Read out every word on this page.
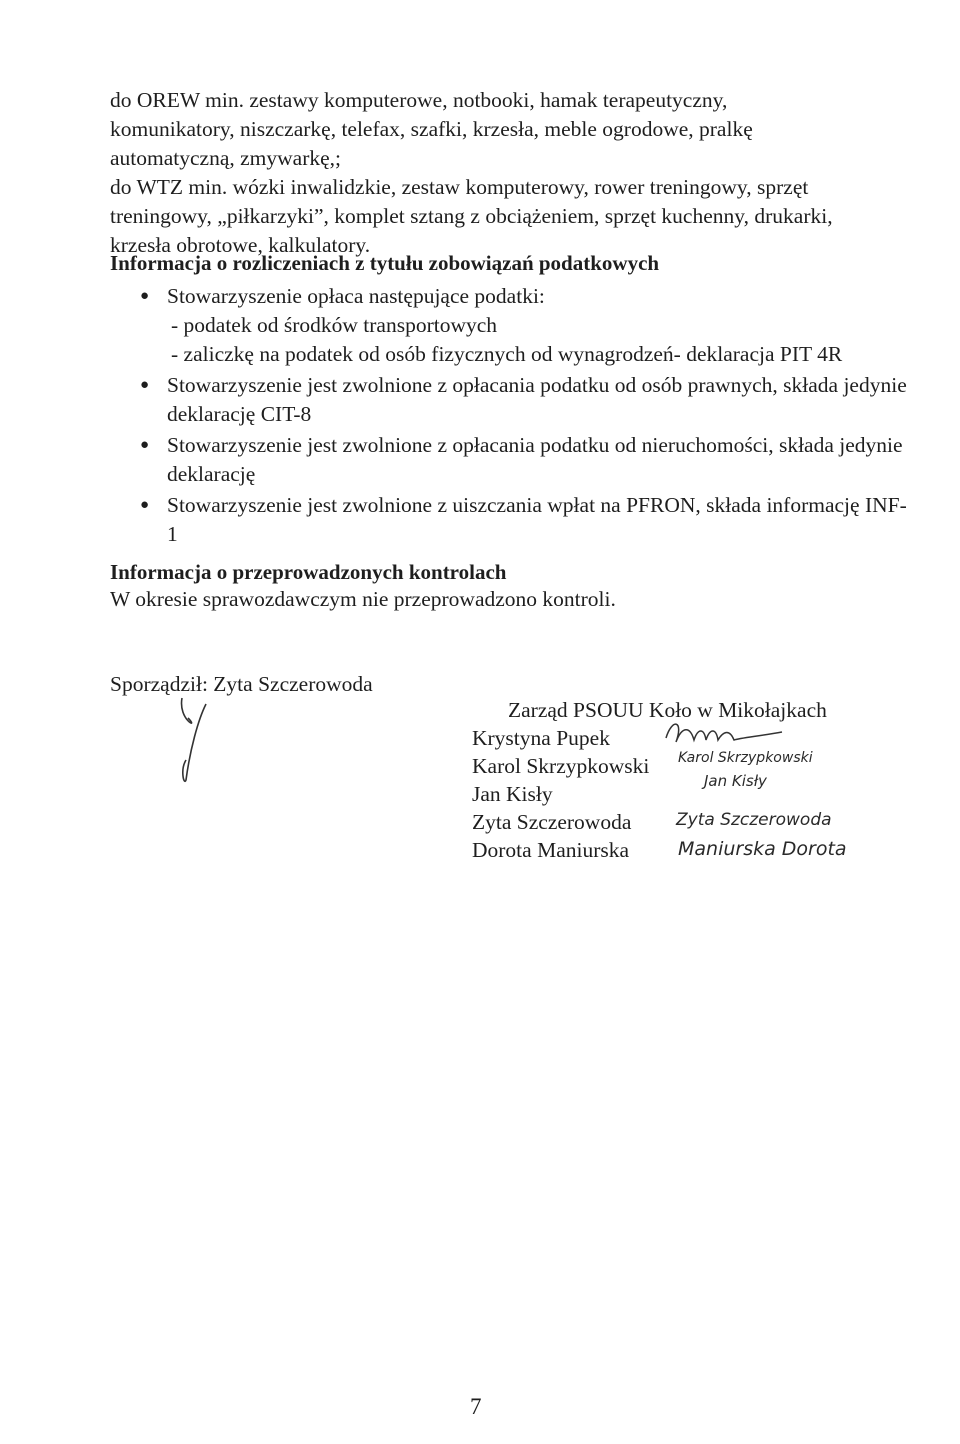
do OREW min. zestawy komputerowe, notbooki, hamak terapeutyczny,

komunikatory, niszczarkę, telefax, szafki, krzesła, meble ogrodowe, pralkę

automatyczną, zmywarkę,;

do WTZ min. wózki inwalidzkie, zestaw komputerowy, rower treningowy, sprzęt

treningowy, „piłkarzyki”, komplet sztang z obciążeniem, sprzęt kuchenny, drukarki,

krzesła obrotowe, kalkulatory.

Informacja o rozliczeniach z tytułu zobowiązań podatkowych
● Stowarzyszenie opłaca następujące podatki:
- podatek od środków transportowych
- zaliczkę na podatek od osób fizycznych od wynagrodzeń- deklaracja PIT 4R
● Stowarzyszenie jest zwolnione z opłacania podatku od osób prawnych, składa jedynie deklarację CIT-8
● Stowarzyszenie jest zwolnione z opłacania podatku od nieruchomości, składa jedynie deklarację
● Stowarzyszenie jest zwolnione z uiszczania wpłat na PFRON, składa informację INF-1
Informacja o przeprowadzonych kontrolach

W okresie sprawozdawczym nie przeprowadzono kontroli.

Sporządził: Zyta Szczerowoda
Zarząd PSOUU Koło w Mikołajkach
Krystyna Pupek
Karol Skrzypkowski
Jan Kisły
Zyta Szczerowoda
Dorota Maniurska
Karol Skrzypkowski
Jan Kisły
Zyta Szczerowoda
Maniurska Dorota
7
